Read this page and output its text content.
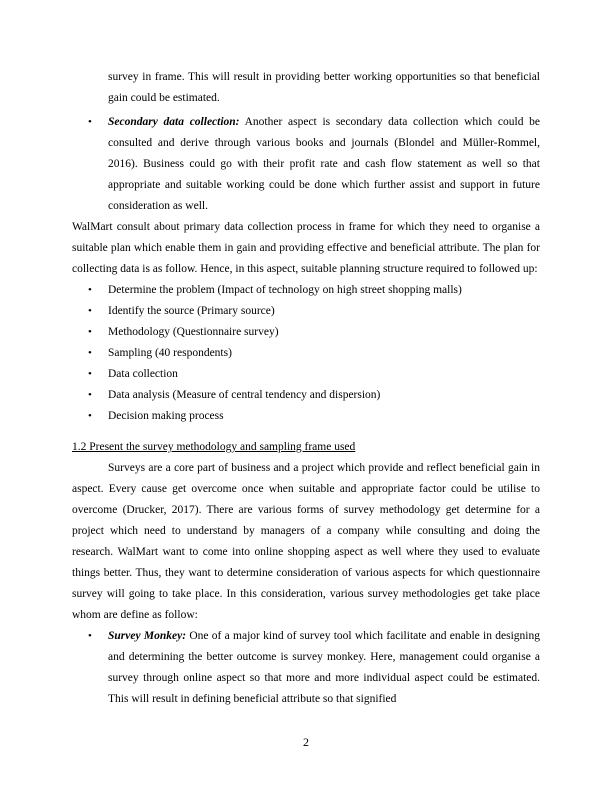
survey in frame. This will result in providing better working opportunities so that beneficial gain could be estimated.

• Secondary data collection: Another aspect is secondary data collection which could be consulted and derive through various books and journals (Blondel and Müller-Rommel, 2016). Business could go with their profit rate and cash flow statement as well so that appropriate and suitable working could be done which further assist and support in future consideration as well.

WalMart consult about primary data collection process in frame for which they need to organise a suitable plan which enable them in gain and providing effective and beneficial attribute. The plan for collecting data is as follow. Hence, in this aspect, suitable planning structure required to followed up:

• Determine the problem (Impact of technology on high street shopping malls)
• Identify the source (Primary source)
• Methodology (Questionnaire survey)
• Sampling (40 respondents)
• Data collection
• Data analysis (Measure of central tendency and dispersion)
• Decision making process

1.2 Present the survey methodology and sampling frame used

Surveys are a core part of business and a project which provide and reflect beneficial gain in aspect. Every cause get overcome once when suitable and appropriate factor could be utilise to overcome (Drucker, 2017). There are various forms of survey methodology get determine for a project which need to understand by managers of a company while consulting and doing the research. WalMart want to come into online shopping aspect as well where they used to evaluate things better. Thus, they want to determine consideration of various aspects for which questionnaire survey will going to take place. In this consideration, various survey methodologies get take place whom are define as follow:

• Survey Monkey: One of a major kind of survey tool which facilitate and enable in designing and determining the better outcome is survey monkey. Here, management could organise a survey through online aspect so that more and more individual aspect could be estimated. This will result in defining beneficial attribute so that signified
2
